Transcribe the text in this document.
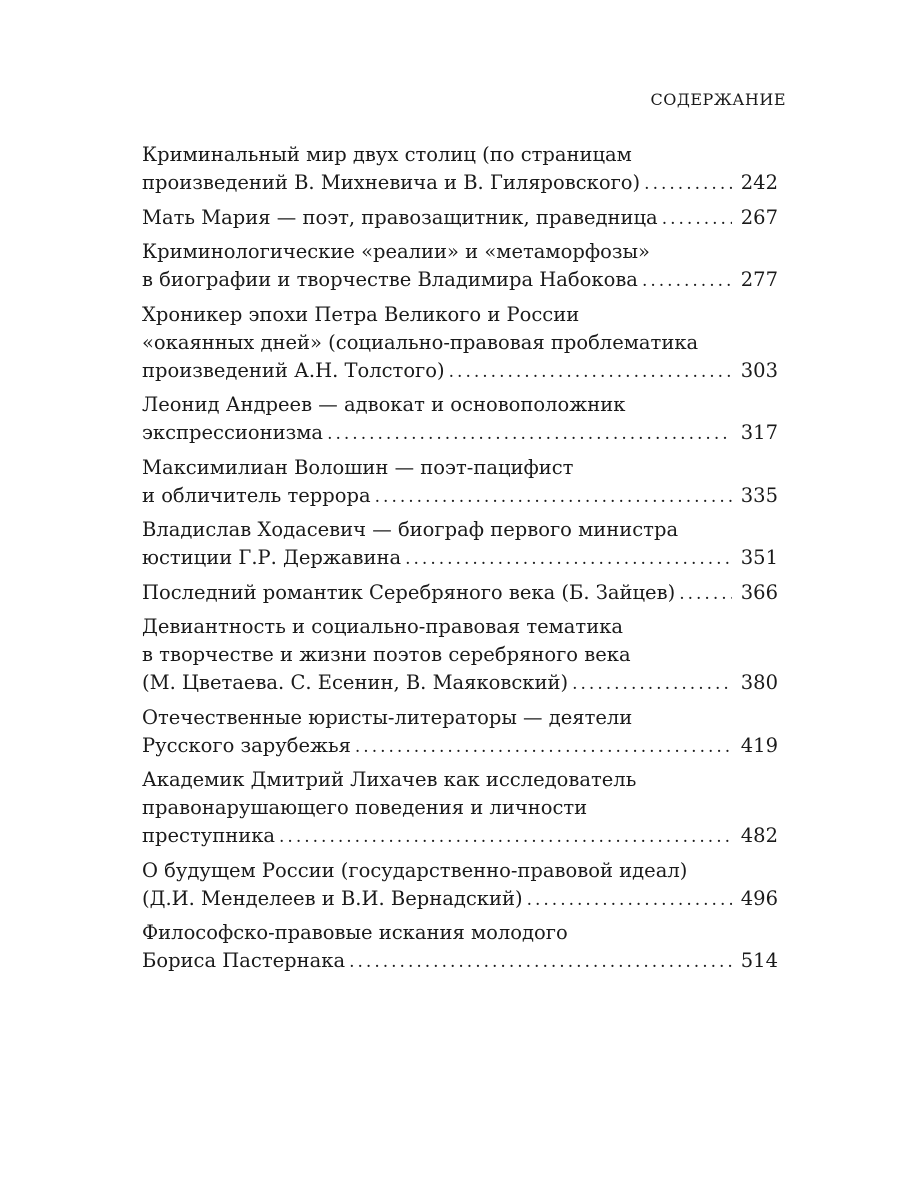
СОДЕРЖАНИЕ
Криминальный мир двух столиц (по страницам
произведений В. Михневича и В. Гиляровского) . . .	242
Мать Мария — поэт, правозащитник, праведница . . .	267
Криминологические «реалии» и «метаморфозы»
в биографии и творчестве Владимира Набокова . . .	277
Хроникер эпохи Петра Великого и России
«окаянных дней» (социально-правовая проблематика
произведений А.Н. Толстого) . . .	303
Леонид Андреев — адвокат и основоположник
экспрессионизма . . .	317
Максимилиан Волошин — поэт-пацифист
и обличитель террора . . .	335
Владислав Ходасевич — биограф первого министра
юстиции Г.Р. Державина . . .	351
Последний романтик Серебряного века (Б. Зайцев) . . .	366
Девиантность и социально-правовая тематика
в творчестве и жизни поэтов серебряного века
(М. Цветаева. С. Есенин, В. Маяковский) . . .	380
Отечественные юристы-литераторы — деятели
Русского зарубежья . . .	419
Академик Дмитрий Лихачев как исследователь
правонарушающего поведения и личности
преступника . . .	482
О будущем России (государственно-правовой идеал)
(Д.И. Менделеев и В.И. Вернадский) . . .	496
Философско-правовые искания молодого
Бориса Пастернака . . .	514
